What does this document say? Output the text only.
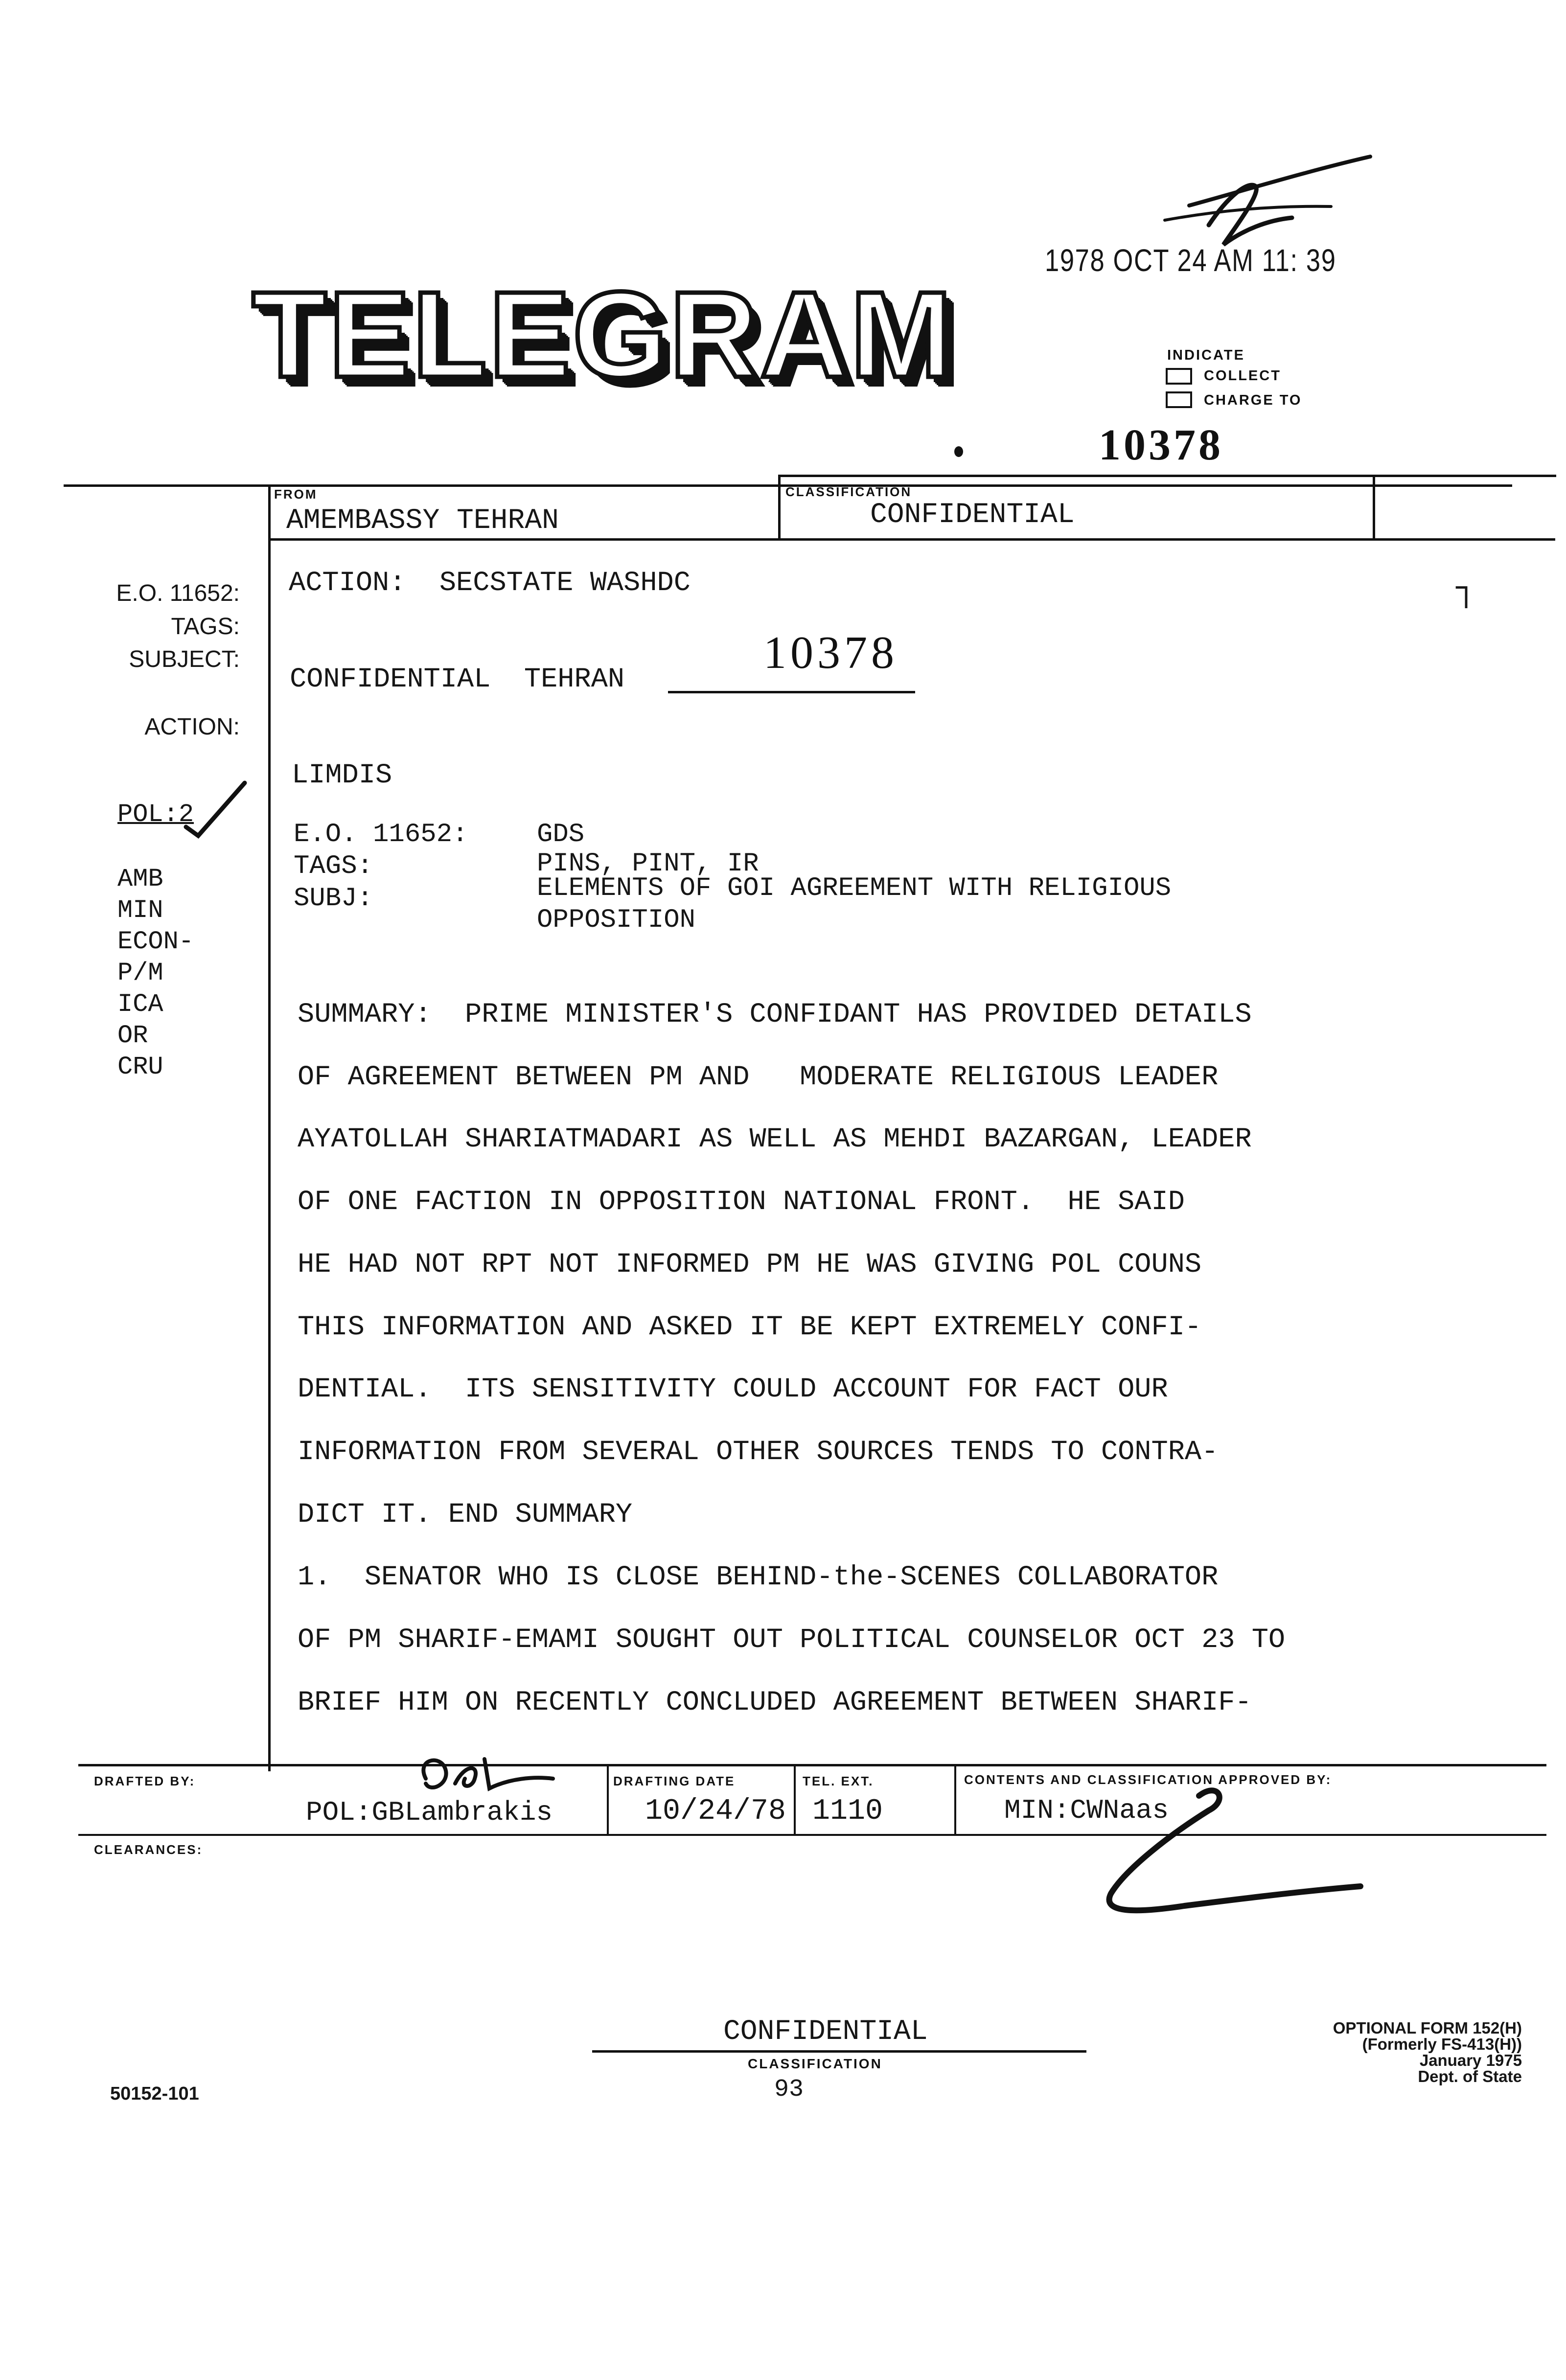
TELEGRAM
1978 OCT 24 AM 11: 39
INDICATE
COLLECT
CHARGE TO
10378
FROM
AMEMBASSY TEHRAN
CLASSIFICATION
CONFIDENTIAL
E.O. 11652:
TAGS:
SUBJECT:
ACTION:
POL:2
AMB
MIN
ECON-
P/M
ICA
OR
CRU
ACTION:  SECSTATE WASHDC	┐
CONFIDENTIAL  TEHRAN
10378
LIMDIS
E.O. 11652:	GDS
TAGS:	PINS, PINT, IR
SUBJ:	ELEMENTS OF GOI AGREEMENT WITH RELIGIOUS
OPPOSITION
SUMMARY:  PRIME MINISTER'S CONFIDANT HAS PROVIDED DETAILS
OF AGREEMENT BETWEEN PM AND   MODERATE RELIGIOUS LEADER
AYATOLLAH SHARIATMADARI AS WELL AS MEHDI BAZARGAN, LEADER
OF ONE FACTION IN OPPOSITION NATIONAL FRONT.  HE SAID
HE HAD NOT RPT NOT INFORMED PM HE WAS GIVING POL COUNS
THIS INFORMATION AND ASKED IT BE KEPT EXTREMELY CONFI-
DENTIAL.  ITS SENSITIVITY COULD ACCOUNT FOR FACT OUR
INFORMATION FROM SEVERAL OTHER SOURCES TENDS TO CONTRA-
DICT IT. END SUMMARY
1.  SENATOR WHO IS CLOSE BEHIND-the-SCENES COLLABORATOR
OF PM SHARIF-EMAMI SOUGHT OUT POLITICAL COUNSELOR OCT 23 TO
BRIEF HIM ON RECENTLY CONCLUDED AGREEMENT BETWEEN SHARIF-
DRAFTED BY:
POL:GBLambrakis
DRAFTING DATE
10/24/78
TEL. EXT.
1110
CONTENTS AND CLASSIFICATION APPROVED BY:
MIN:CWNaas
CLEARANCES:
CONFIDENTIAL
CLASSIFICATION
93
50152-101
OPTIONAL FORM 152(H)
(Formerly FS-413(H))
January 1975
Dept. of State
